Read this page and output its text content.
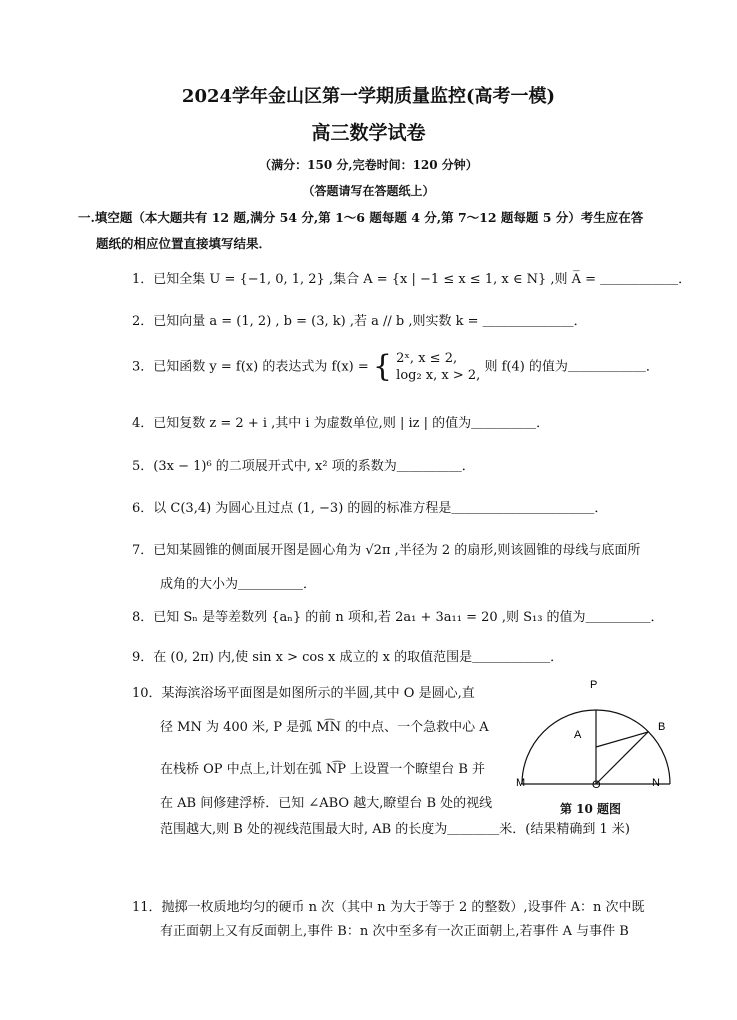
2024学年金山区第一学期质量监控(高考一模)
高三数学试卷
（满分：150 分,完卷时间：120 分钟）
（答题请写在答题纸上）
一.填空题（本大题共有 12 题,满分 54 分,第 1～6 题每题 4 分,第 7～12 题每题 5 分）考生应在答
题纸的相应位置直接填写结果．
1．已知全集 U = {−1, 0, 1, 2} ,集合 A = {x | −1 ≤ x ≤ 1, x ∈ N} ,则 A̅ = ＿＿＿＿＿＿．
2．已知向量 a = (1, 2) , b = (3, k) ,若 a // b ,则实数 k = ＿＿＿＿＿＿＿．
3．已知函数 y = f(x) 的表达式为 f(x) = { 2ˣ, x ≤ 2,
log₂ x, x > 2,
则 f(4) 的值为＿＿＿＿＿＿．
4．已知复数 z = 2 + i ,其中 i 为虚数单位,则 | iz | 的值为＿＿＿＿＿．
5．(3x − 1)⁶ 的二项展开式中, x² 项的系数为＿＿＿＿＿．
6．以 C(3,4) 为圆心且过点 (1, −3) 的圆的标准方程是＿＿＿＿＿＿＿＿＿＿＿．
7．已知某圆锥的侧面展开图是圆心角为 √2π ,半径为 2 的扇形,则该圆锥的母线与底面所
成角的大小为＿＿＿＿＿．
8．已知 Sₙ 是等差数列 {aₙ} 的前 n 项和,若 2a₁ + 3a₁₁ = 20 ,则 S₁₃ 的值为＿＿＿＿＿．
9．在 (0, 2π) 内,使 sin x > cos x 成立的 x 的取值范围是＿＿＿＿＿＿．
10．某海滨浴场平面图是如图所示的半圆,其中 O 是圆心,直
径 MN 为 400 米, P 是弧 M͡N 的中点、一个急救中心 A
在栈桥 OP 中点上,计划在弧 N͡P 上设置一个瞭望台 B 并
在 AB 间修建浮桥．已知 ∠ABO 越大,瞭望台 B 处的视线
范围越大,则 B 处的视线范围最大时, AB 的长度为＿＿＿＿米．(结果精确到 1 米)
P
A
B
M	O	N
第 10 题图
11．抛掷一枚质地均匀的硬币 n 次（其中 n 为大于等于 2 的整数）,设事件 A：n 次中既
有正面朝上又有反面朝上,事件 B：n 次中至多有一次正面朝上,若事件 A 与事件 B
